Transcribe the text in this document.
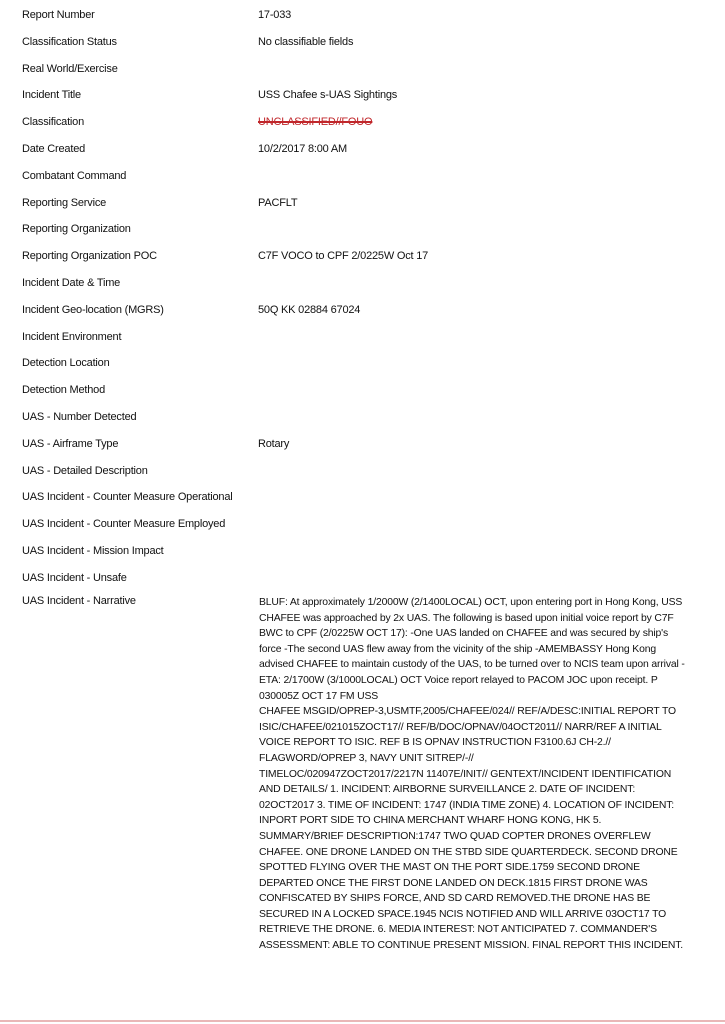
Report Number	17-033
Classification Status	No classifiable fields
Real World/Exercise
Incident Title	USS Chafee s-UAS Sightings
Classification	UNCLASSIFIED//FOUO
Date Created	10/2/2017 8:00 AM
Combatant Command
Reporting Service	PACFLT
Reporting Organization
Reporting Organization POC	C7F VOCO to CPF 2/0225W Oct 17
Incident Date & Time
Incident Geo-location (MGRS)	50Q KK 02884 67024
Incident Environment
Detection Location
Detection Method
UAS - Number Detected
UAS - Airframe Type	Rotary
UAS - Detailed Description
UAS Incident - Counter Measure Operational
UAS Incident - Counter Measure Employed
UAS Incident - Mission Impact
UAS Incident - Unsafe
UAS Incident - Narrative	BLUF: At approximately 1/2000W (2/1400LOCAL) OCT, upon entering port in Hong Kong, USS CHAFEE was approached by 2x UAS. The following is based upon initial voice report by C7F BWC to CPF (2/0225W OCT 17): -One UAS landed on CHAFEE and was secured by ship's force -The second UAS flew away from the vicinity of the ship -AMEMBASSY Hong Kong advised CHAFEE to maintain custody of the UAS, to be turned over to NCIS team upon arrival - ETA: 2/1700W (3/1000LOCAL) OCT Voice report relayed to PACOM JOC upon receipt. P 030005Z OCT 17 FM USS
CHAFEE MSGID/OPREP-3,USMTF,2005/CHAFEE/024// REF/A/DESC:INITIAL REPORT TO
ISIC/CHAFEE/021015ZOCT17// REF/B/DOC/OPNAV/04OCT2011// NARR/REF A INITIAL VOICE REPORT TO ISIC. REF B IS OPNAV INSTRUCTION F3100.6J CH-2.// FLAGWORD/OPREP 3, NAVY UNIT SITREP/-//
TIMELOC/020947ZOCT2017/2217N 11407E/INIT// GENTEXT/INCIDENT IDENTIFICATION AND DETAILS/ 1. INCIDENT: AIRBORNE SURVEILLANCE 2. DATE OF INCIDENT: 02OCT2017 3. TIME OF INCIDENT: 1747 (INDIA TIME ZONE) 4. LOCATION OF INCIDENT: INPORT PORT SIDE TO CHINA MERCHANT WHARF HONG KONG, HK 5. SUMMARY/BRIEF DESCRIPTION:1747 TWO QUAD COPTER DRONES OVERFLEW CHAFEE. ONE DRONE LANDED ON THE STBD SIDE QUARTERDECK. SECOND DRONE SPOTTED FLYING OVER THE MAST ON THE PORT SIDE.1759 SECOND DRONE DEPARTED ONCE THE FIRST DONE LANDED ON DECK.1815 FIRST DRONE WAS CONFISCATED BY SHIPS FORCE, AND SD CARD REMOVED.THE DRONE HAS BE SECURED IN A LOCKED SPACE.1945 NCIS NOTIFIED AND WILL ARRIVE 03OCT17 TO RETRIEVE THE DRONE. 6. MEDIA INTEREST: NOT ANTICIPATED 7. COMMANDER'S ASSESSMENT: ABLE TO CONTINUE PRESENT MISSION. FINAL REPORT THIS INCIDENT.
